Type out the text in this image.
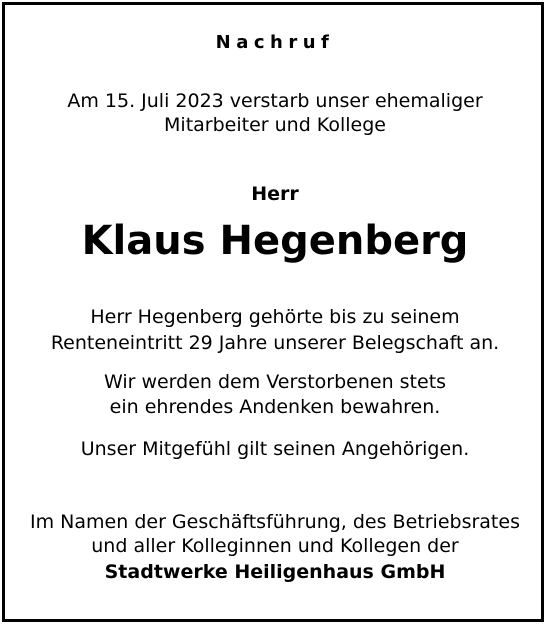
Nachruf
Am 15. Juli 2023 verstarb unser ehemaliger
Mitarbeiter und Kollege
Herr
Klaus Hegenberg
Herr Hegenberg gehörte bis zu seinem
Renteneintritt 29 Jahre unserer Belegschaft an.
Wir werden dem Verstorbenen stets
ein ehrendes Andenken bewahren.
Unser Mitgefühl gilt seinen Angehörigen.
Im Namen der Geschäftsführung, des Betriebsrates
und aller Kolleginnen und Kollegen der
Stadtwerke Heiligenhaus GmbH
